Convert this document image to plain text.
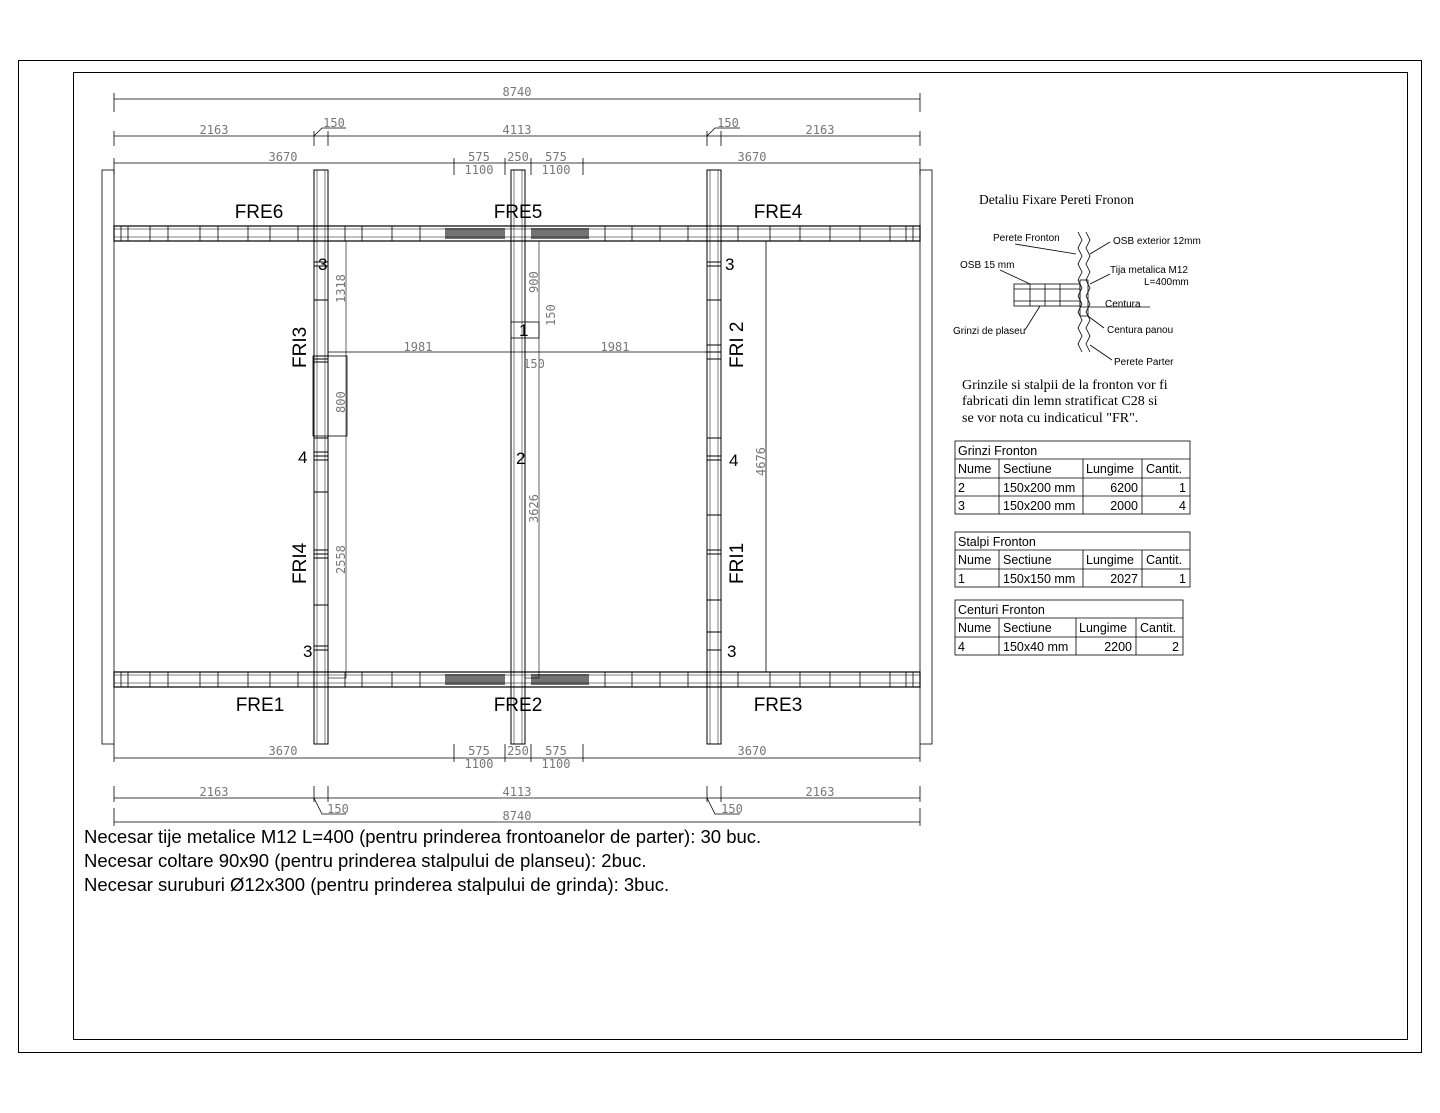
8740
2163	150	4113	150	2163
3670	575 250 575	3670
1100	1100
1318	900
150
150
1981	1981
800
3626
2558
4676
FRE6	FRE5	FRE4
FRE1	FRE2	FRE3
FRI3
FRI4
FRI 2
FRI1
3
4
3
3
4
3
1
2
3670	575 250 575	3670
1100	1100
2163
150
4113
150
2163
8740
Detaliu Fixare Pereti Fronon
Perete Fronton	OSB exterior 12mm
OSB 15 mm	Tija metalica M12
L=400mm
Centura
Grinzi de plaseu	Centura panou
Perete Parter
Grinzile si stalpii de la fronton vor fi
fabricati din lemn stratificat C28 si
se vor nota cu indicaticul "FR".
Grinzi Fronton
Nume Sectiune	Lungime Cantit.
2	150x200 mm	6200	1
3	150x200 mm	2000	4
Stalpi Fronton
Nume Sectiune	Lungime Cantit.
1	150x150 mm	2027	1
Centuri Fronton
Nume Sectiune Lungime Cantit.
4	150x40 mm	2200	2
Necesar tije metalice M12 L=400 (pentru prinderea frontoanelor de parter): 30 buc.
Necesar coltare 90x90 (pentru prinderea stalpului de planseu): 2buc.
Necesar suruburi Ø12x300 (pentru prinderea stalpului de grinda): 3buc.
